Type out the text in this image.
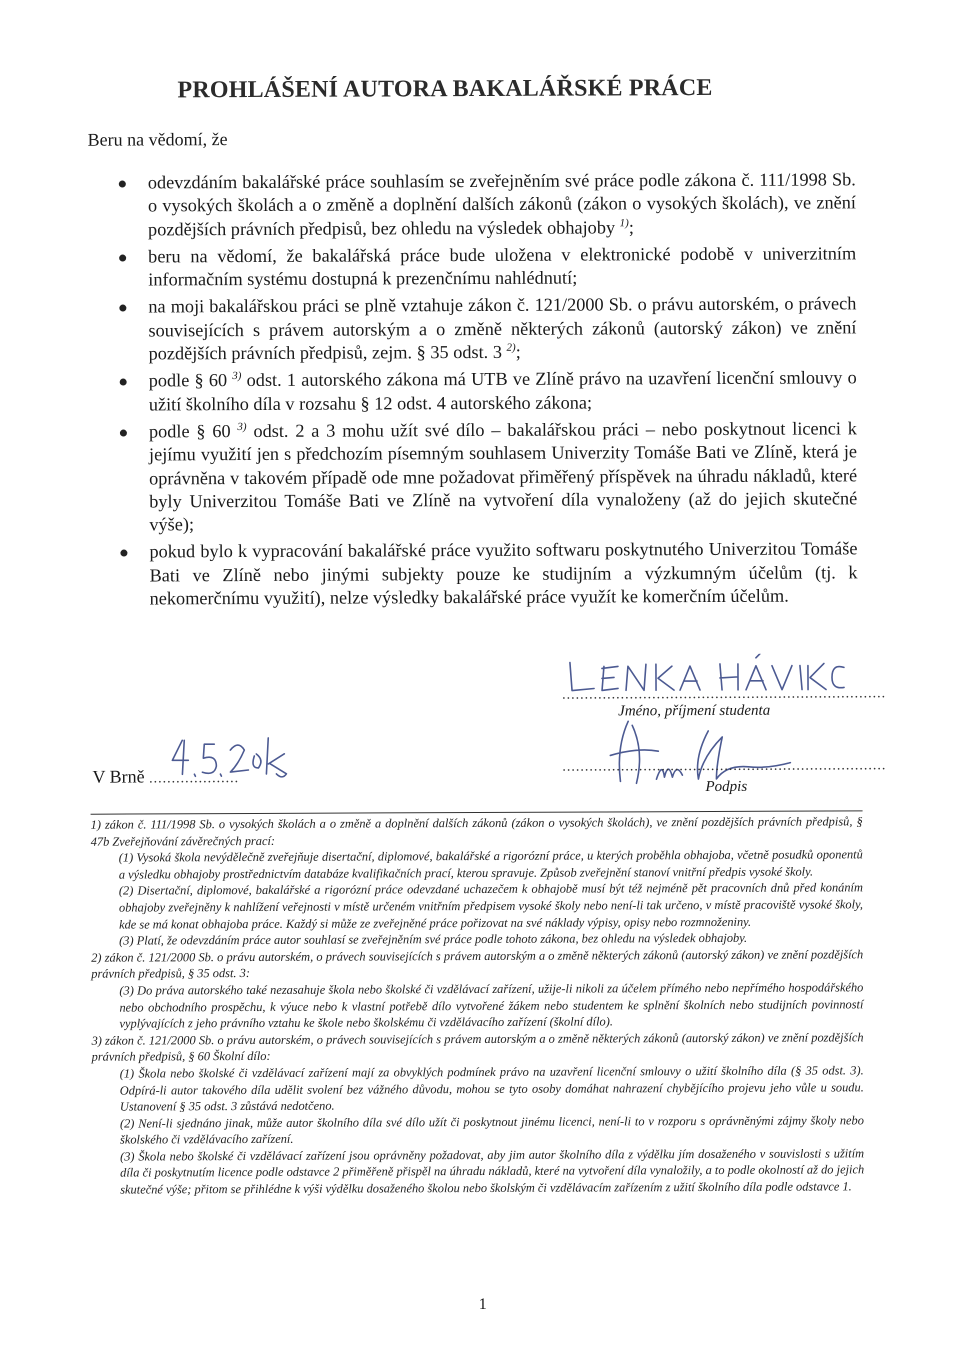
PROHLÁŠENÍ AUTORA BAKALÁŘSKÉ PRÁCE
Beru na vědomí, že
odevzdáním bakalářské práce souhlasím se zveřejněním své práce podle zákona č. 111/1998 Sb. o vysokých školách a o změně a doplnění dalších zákonů (zákon o vysokých školách), ve znění pozdějších právních předpisů, bez ohledu na výsledek obhajoby $^{1)}$;
beru na vědomí, že bakalářská práce bude uložena v elektronické podobě v univerzitním informačním systému dostupná k prezenčnímu nahlédnutí;
na moji bakalářskou práci se plně vztahuje zákon č. 121/2000 Sb. o právu autorském, o právech souvisejících s právem autorským a o změně některých zákonů (autorský zákon) ve znění pozdějších právních předpisů, zejm. § 35 odst. 3 $^{2)}$;
podle § 60 $^{3)}$ odst. 1 autorského zákona má UTB ve Zlíně právo na uzavření licenční smlouvy o užití školního díla v rozsahu § 12 odst. 4 autorského zákona;
podle § 60 $^{3)}$ odst. 2 a 3 mohu užít své dílo – bakalářskou práci – nebo poskytnout licenci k jejímu využití jen s předchozím písemným souhlasem Univerzity Tomáše Bati ve Zlíně, která je oprávněna v takovém případě ode mne požadovat přiměřený příspěvek na úhradu nákladů, které byly Univerzitou Tomáše Bati ve Zlíně na vytvoření díla vynaloženy (až do jejich skutečné výše);
pokud bylo k vypracování bakalářské práce využito softwaru poskytnutého Univerzitou Tomáše Bati ve Zlíně nebo jinými subjekty pouze ke studijním a výzkumným účelům (tj. k nekomerčnímu využití), nelze výsledky bakalářské práce využít ke komerčním účelům.
........................................................................
Jméno, příjmení studenta
........................................................................
Podpis
V Brně ....................

1) zákon č. 111/1998 Sb. o vysokých školách a o změně a doplnění dalších zákonů (zákon o vysokých školách), ve znění pozdějších právních předpisů, § 47b Zveřejňování závěrečných prací:

(1) Vysoká škola nevýdělečně zveřejňuje disertační, diplomové, bakalářské a rigorózní práce, u kterých proběhla obhajoba, včetně posudků oponentů a výsledku obhajoby prostřednictvím databáze kvalifikačních prací, kterou spravuje. Způsob zveřejnění stanoví vnitřní předpis vysoké školy.

(2) Disertační, diplomové, bakalářské a rigorózní práce odevzdané uchazečem k obhajobě musí být též nejméně pět pracovních dnů před konáním obhajoby zveřejněny k nahlížení veřejnosti v místě určeném vnitřním předpisem vysoké školy nebo není-li tak určeno, v místě pracoviště vysoké školy, kde se má konat obhajoba práce. Každý si může ze zveřejněné práce pořizovat na své náklady výpisy, opisy nebo rozmnoženiny.

(3) Platí, že odevzdáním práce autor souhlasí se zveřejněním své práce podle tohoto zákona, bez ohledu na výsledek obhajoby.

2) zákon č. 121/2000 Sb. o právu autorském, o právech souvisejících s právem autorským a o změně některých zákonů (autorský zákon) ve znění pozdějších právních předpisů, § 35 odst. 3:

(3) Do práva autorského také nezasahuje škola nebo školské či vzdělávací zařízení, užije-li nikoli za účelem přímého nebo nepřímého hospodářského nebo obchodního prospěchu, k výuce nebo k vlastní potřebě dílo vytvořené žákem nebo studentem ke splnění školních nebo studijních povinností vyplývajících z jeho právního vztahu ke škole nebo školskému či vzdělávacího zařízení (školní dílo).

3) zákon č. 121/2000 Sb. o právu autorském, o právech souvisejících s právem autorským a o změně některých zákonů (autorský zákon) ve znění pozdějších právních předpisů, § 60 Školní dílo:

(1) Škola nebo školské či vzdělávací zařízení mají za obvyklých podmínek právo na uzavření licenční smlouvy o užití školního díla (§ 35 odst. 3). Odpírá-li autor takového díla udělit svolení bez vážného důvodu, mohou se tyto osoby domáhat nahrazení chybějícího projevu jeho vůle u soudu. Ustanovení § 35 odst. 3 zůstává nedotčeno.

(2) Není-li sjednáno jinak, může autor školního díla své dílo užít či poskytnout jinému licenci, není-li to v rozporu s oprávněnými zájmy školy nebo školského či vzdělávacího zařízení.

(3) Škola nebo školské či vzdělávací zařízení jsou oprávněny požadovat, aby jim autor školního díla z výdělku jím dosaženého v souvislosti s užitím díla či poskytnutím licence podle odstavce 2 přiměřeně přispěl na úhradu nákladů, které na vytvoření díla vynaložily, a to podle okolností až do jejich skutečné výše; přitom se přihlédne k výši výdělku dosaženého školou nebo školským či vzdělávacím zařízením z užití školního díla podle odstavce 1.

1
